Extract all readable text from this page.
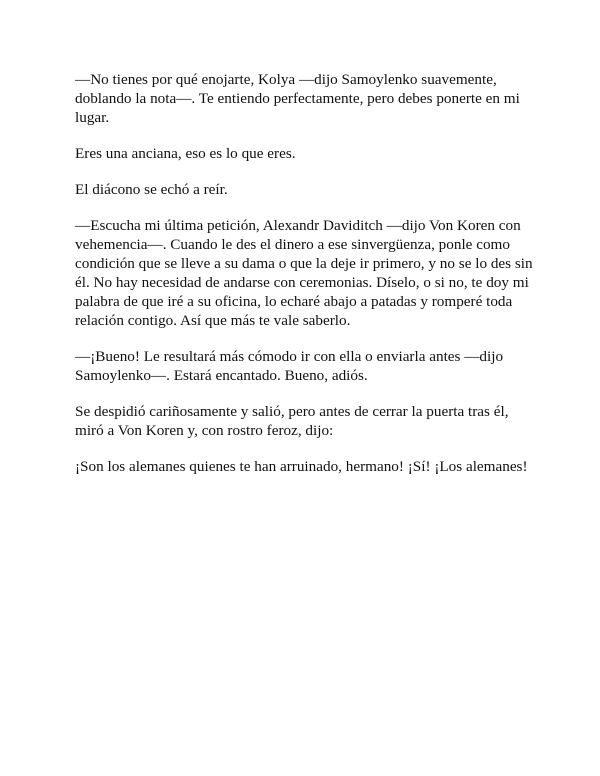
—No tienes por qué enojarte, Kolya —dijo Samoylenko suavemente, doblando la nota—. Te entiendo perfectamente, pero debes ponerte en mi lugar.

Eres una anciana, eso es lo que eres.

El diácono se echó a reír.

—Escucha mi última petición, Alexandr Daviditch —dijo Von Koren con vehemencia—. Cuando le des el dinero a ese sinvergüenza, ponle como condición que se lleve a su dama o que la deje ir primero, y no se lo des sin él. No hay necesidad de andarse con ceremonias. Díselo, o si no, te doy mi palabra de que iré a su oficina, lo echaré abajo a patadas y romperé toda relación contigo. Así que más te vale saberlo.

—¡Bueno! Le resultará más cómodo ir con ella o enviarla antes —dijo Samoylenko—. Estará encantado. Bueno, adiós.

Se despidió cariñosamente y salió, pero antes de cerrar la puerta tras él, miró a Von Koren y, con rostro feroz, dijo:

¡Son los alemanes quienes te han arruinado, hermano! ¡Sí! ¡Los alemanes!
